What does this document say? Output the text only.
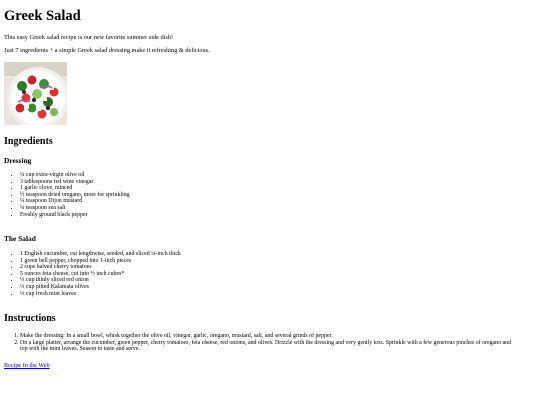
Greek Salad

This easy Greek salad recipe is our new favorite summer side dish!

Just 7 ingredients + a simple Greek salad dressing make it refreshing & delicious.

Ingredients
Dressing
• ¼ cup extra-virgin olive oil
• 3 tablespoons red wine vinegar
• 1 garlic clove, minced
• ½ teaspoon dried oregano, more for sprinkling
• ¼ teaspoon Dijon mustard
• ¼ teaspoon sea salt
• Freshly ground black pepper
The Salad
• 1 English cucumber, cut lengthwise, seeded, and sliced ¼-inch thick
• 1 green bell pepper, chopped into 1-inch pieces
• 2 cups halved cherry tomatoes
• 5 ounces feta cheese, cut into ½ inch cubes*
• ⅓ cup thinly sliced red onion
• ⅓ cup pitted Kalamata olives
• ⅓ cup fresh mint leaves
Instructions
1. Make the dressing: In a small bowl, whisk together the olive oil, vinegar, garlic, oregano, mustard, salt, and several grinds of pepper.
2. On a large platter, arrange the cucumber, green pepper, cherry tomatoes, feta cheese, red onions, and olives. Drizzle with the dressing and very gently toss. Sprinkle with a few generous pinches of oregano and top with the mint leaves. Season to taste and serve.
Recipe In the Web
